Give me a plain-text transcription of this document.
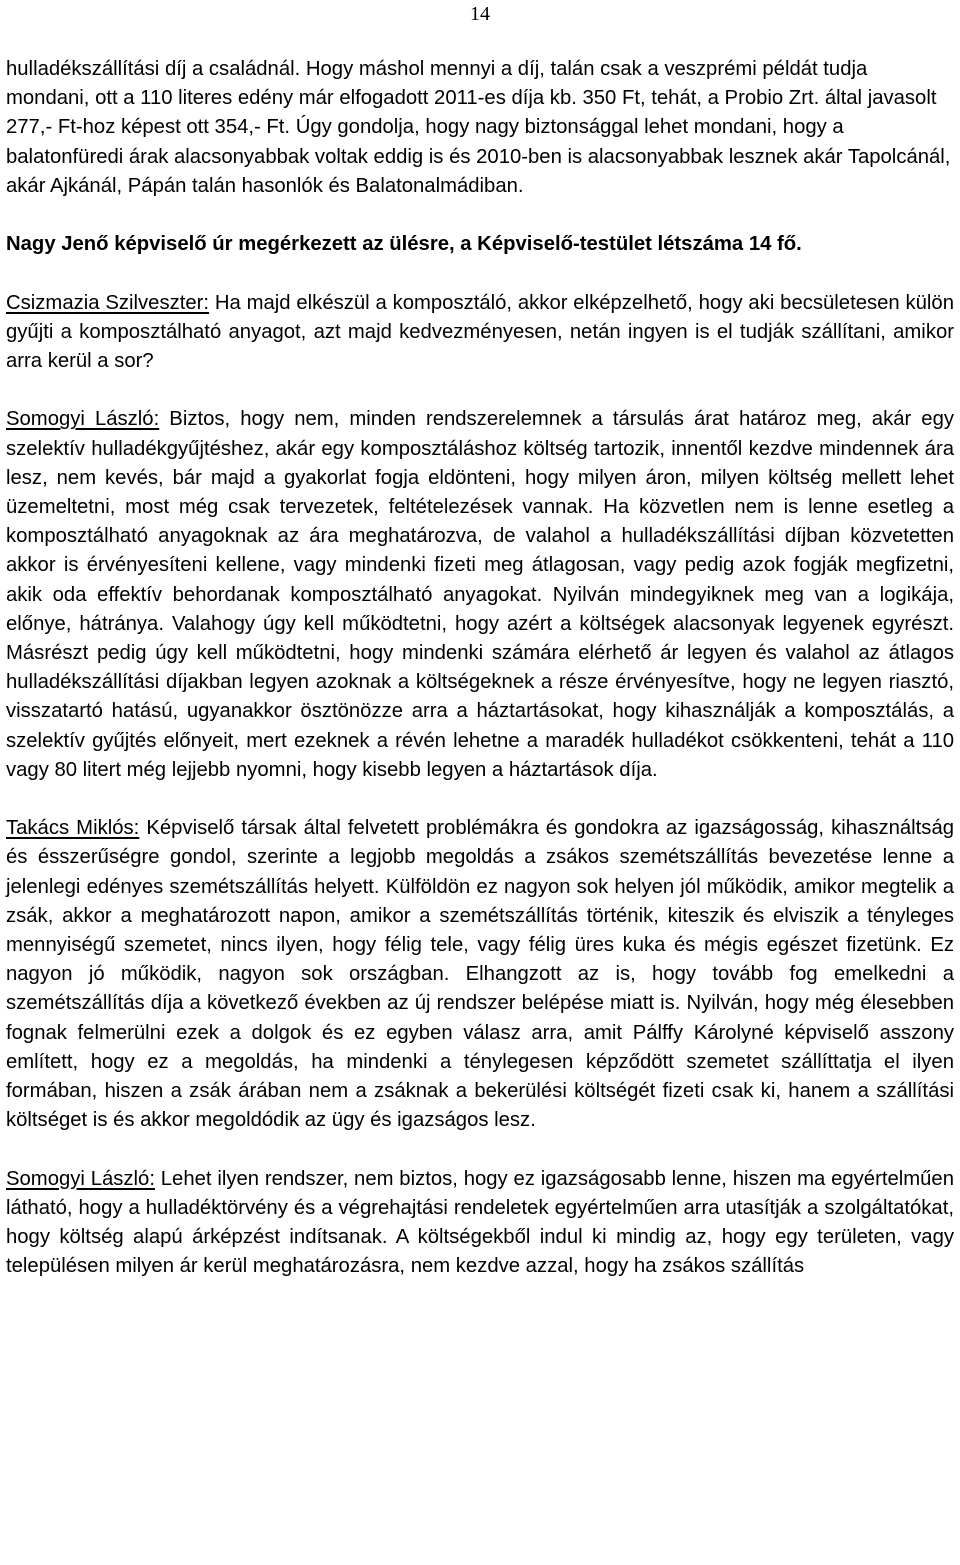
14

hulladékszállítási díj a családnál. Hogy máshol mennyi a díj, talán csak a veszprémi példát tudja mondani, ott a 110 literes edény már elfogadott 2011-es díja kb. 350 Ft, tehát, a Probio Zrt. által javasolt 277,- Ft-hoz képest ott 354,- Ft. Úgy gondolja, hogy nagy biztonsággal lehet mondani, hogy a balatonfüredi árak alacsonyabbak voltak eddig is és 2010-ben is alacsonyabbak lesznek akár Tapolcánál, akár Ajkánál, Pápán talán hasonlók és Balatonalmádiban.

Nagy Jenő képviselő úr megérkezett az ülésre, a Képviselő-testület létszáma 14 fő.

Csizmazia Szilveszter: Ha majd elkészül a komposztáló, akkor elképzelhető, hogy aki becsületesen külön gyűjti a komposztálható anyagot, azt majd kedvezményesen, netán ingyen is el tudják szállítani, amikor arra kerül a sor?

Somogyi László: Biztos, hogy nem, minden rendszerelemnek a társulás árat határoz meg, akár egy szelektív hulladékgyűjtéshez, akár egy komposztáláshoz költség tartozik, innentől kezdve mindennek ára lesz, nem kevés, bár majd a gyakorlat fogja eldönteni, hogy milyen áron, milyen költség mellett lehet üzemeltetni, most még csak tervezetek, feltételezések vannak. Ha közvetlen nem is lenne esetleg a komposztálható anyagoknak az ára meghatározva, de valahol a hulladékszállítási díjban közvetetten akkor is érvényesíteni kellene, vagy mindenki fizeti meg átlagosan, vagy pedig azok fogják megfizetni, akik oda effektív behordanak komposztálható anyagokat. Nyilván mindegyiknek meg van a logikája, előnye, hátránya. Valahogy úgy kell működtetni, hogy azért a költségek alacsonyak legyenek egyrészt. Másrészt pedig úgy kell működtetni, hogy mindenki számára elérhető ár legyen és valahol az átlagos hulladékszállítási díjakban legyen azoknak a költségeknek a része érvényesítve, hogy ne legyen riasztó, visszatartó hatású, ugyanakkor ösztönözze arra a háztartásokat, hogy kihasználják a komposztálás, a szelektív gyűjtés előnyeit, mert ezeknek a révén lehetne a maradék hulladékot csökkenteni, tehát a 110 vagy 80 litert még lejjebb nyomni, hogy kisebb legyen a háztartások díja.

Takács Miklós: Képviselő társak által felvetett problémákra és gondokra az igazságosság, kihasználtság és ésszerűségre gondol, szerinte a legjobb megoldás a zsákos szemétszállítás bevezetése lenne a jelenlegi edényes szemétszállítás helyett. Külföldön ez nagyon sok helyen jól működik, amikor megtelik a zsák, akkor a meghatározott napon, amikor a szemétszállítás történik, kiteszik és elviszik a tényleges mennyiségű szemetet, nincs ilyen, hogy félig tele, vagy félig üres kuka és mégis egészet fizetünk. Ez nagyon jó működik, nagyon sok országban. Elhangzott az is, hogy tovább fog emelkedni a szemétszállítás díja a következő években az új rendszer belépése miatt is. Nyilván, hogy még élesebben fognak felmerülni ezek a dolgok és ez egyben válasz arra, amit Pálffy Károlyné képviselő asszony említett, hogy ez a megoldás, ha mindenki a ténylegesen képződött szemetet szállíttatja el ilyen formában, hiszen a zsák árában nem a zsáknak a bekerülési költségét fizeti csak ki, hanem a szállítási költséget is és akkor megoldódik az ügy és igazságos lesz.

Somogyi László: Lehet ilyen rendszer, nem biztos, hogy ez igazságosabb lenne, hiszen ma egyértelműen látható, hogy a hulladéktörvény és a végrehajtási rendeletek egyértelműen arra utasítják a szolgáltatókat, hogy költség alapú árképzést indítsanak. A költségekből indul ki mindig az, hogy egy területen, vagy településen milyen ár kerül meghatározásra, nem kezdve azzal, hogy ha zsákos szállítás
